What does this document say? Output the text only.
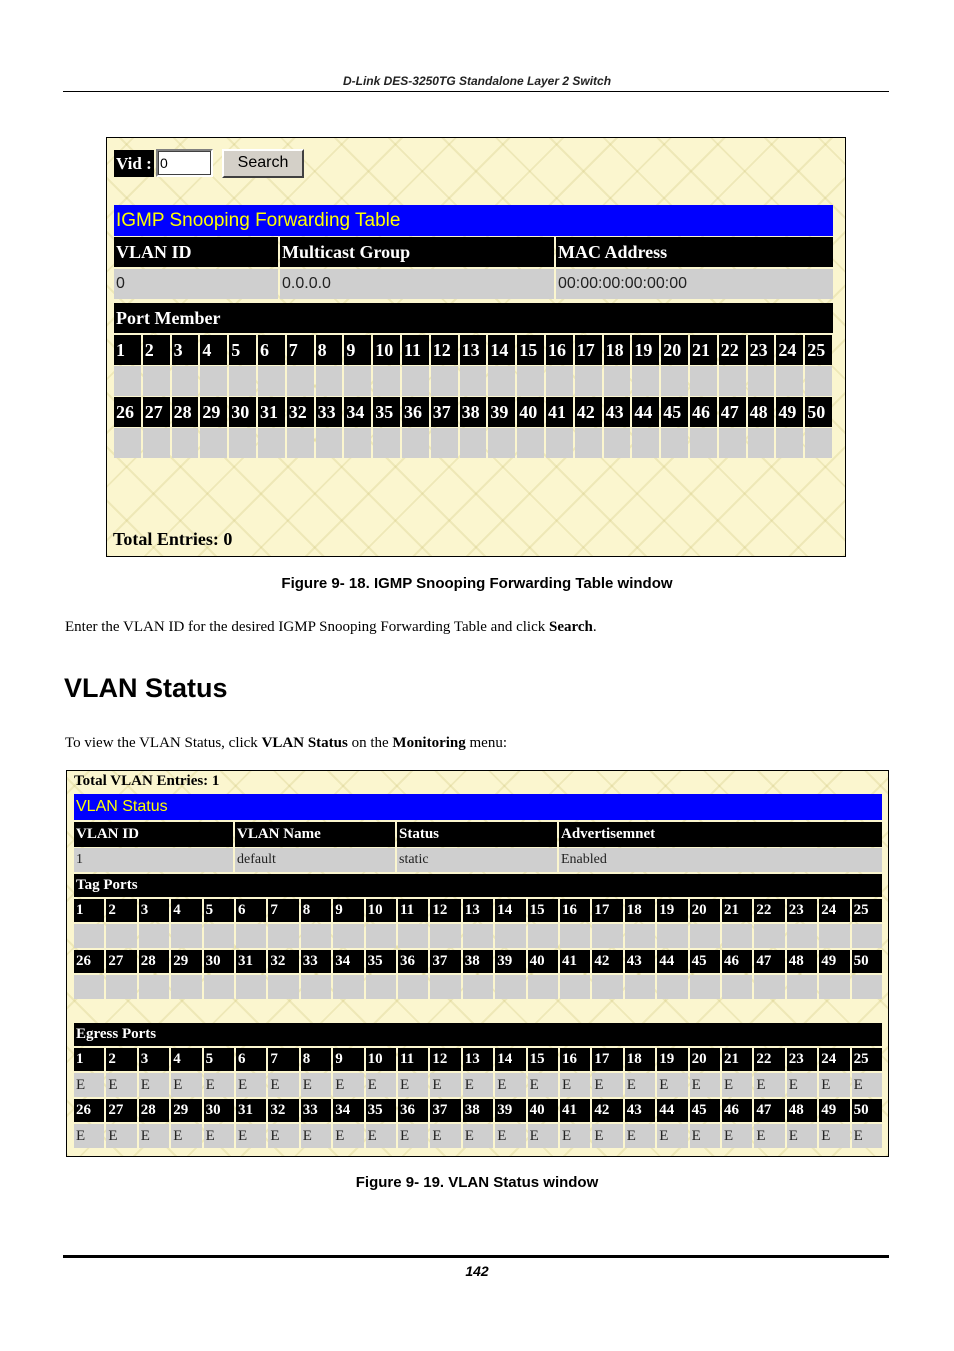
D-Link DES-3250TG Standalone Layer 2 Switch
Vid :
0	Search
IGMP Snooping Forwarding Table
VLAN ID	Multicast Group	MAC Address
0	0.0.0.0	00:00:00:00:00:00
Port Member
1	2	3	4	5	6	7	8	9	10 11 12 13 14 15 16 17 18 19 20 21 22 23 24 25
26 27 28 29 30 31 32 33 34 35 36 37 38 39 40 41 42 43 44 45 46 47 48 49 50
Total Entries: 0
Figure 9- 18. IGMP Snooping Forwarding Table window
Enter the VLAN ID for the desired IGMP Snooping Forwarding Table and click Search.
VLAN Status
To view the VLAN Status, click VLAN Status on the Monitoring menu:
Total VLAN Entries: 1
VLAN Status
VLAN ID	VLAN Name	Status	Advertisemnet
1	default	static	Enabled
Tag Ports
Egress Ports
1	2	3	4	5	6	7	8	9	10	11	12	13	14	15	16	17	18	19	20	21	22	23	24	25
26	27	28	29	30	31	32	33	34	35	36	37	38	39	40	41	42	43	44	45	46	47	48	49	50
1	2	3	4	5	6	7	8	9	10	11	12	13	14	15	16	17	18	19	20	21	22	23	24	25
E	E	E	E	E	E	E	E	E	E	E	E	E	E	E	E	E	E	E	E	E	E	E	E	E
26	27	28	29	30	31	32	33	34	35	36	37	38	39	40	41	42	43	44	45	46	47	48	49	50
E	E	E	E	E	E	E	E	E	E	E	E	E	E	E	E	E	E	E	E	E	E	E	E	E
Figure 9- 19. VLAN Status window
142
